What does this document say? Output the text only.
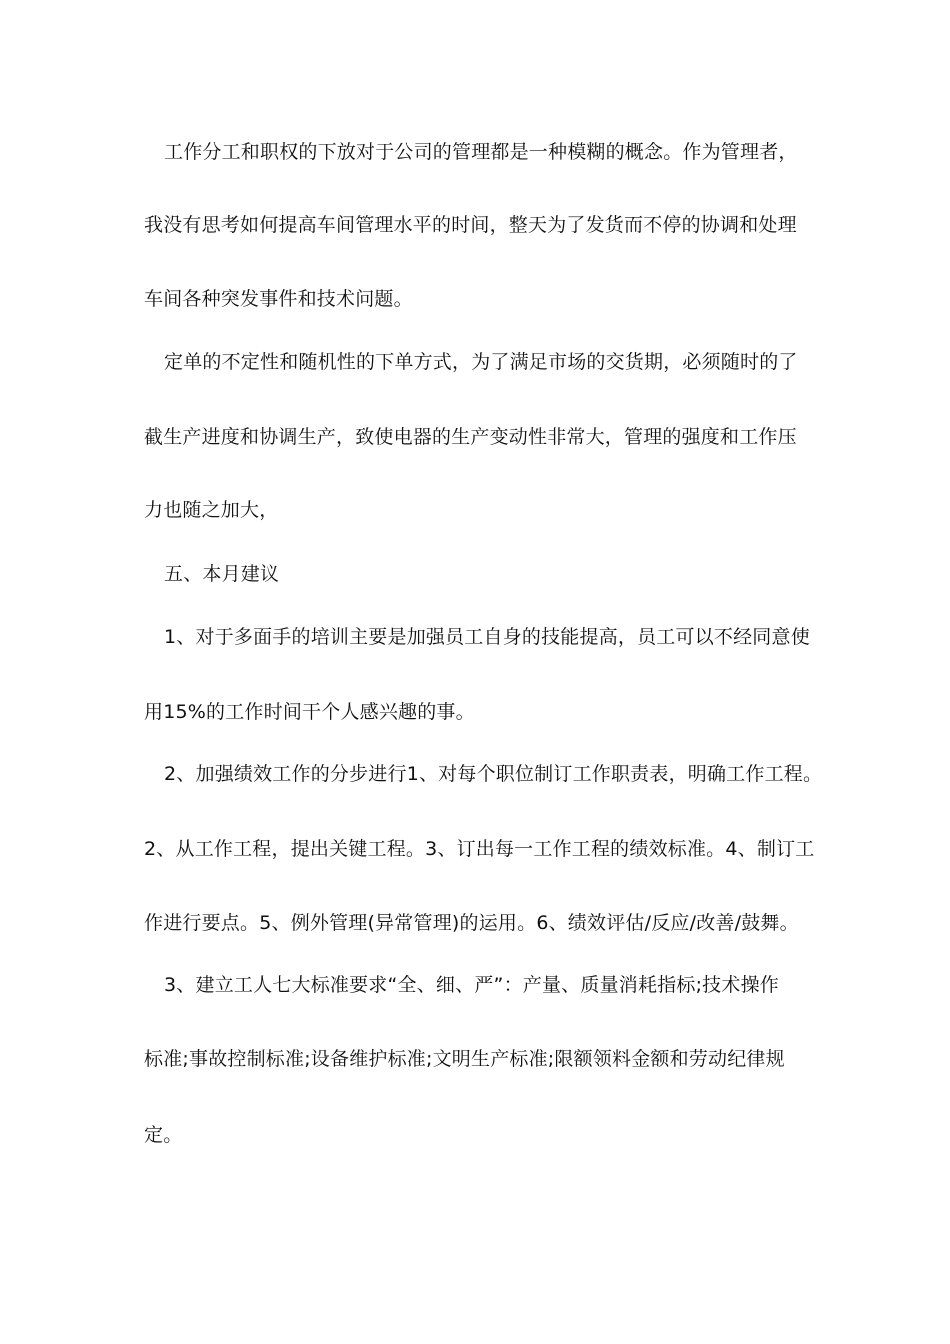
工作分工和职权的下放对于公司的管理都是一种模糊的概念。作为管理者，
我没有思考如何提高车间管理水平的时间，整天为了发货而不停的协调和处理
车间各种突发事件和技术问题。
定单的不定性和随机性的下单方式，为了满足市场的交货期，必须随时的了
截生产进度和协调生产，致使电器的生产变动性非常大，管理的强度和工作压
力也随之加大，
五、本月建议
1、对于多面手的培训主要是加强员工自身的技能提高，员工可以不经同意使
用15%的工作时间干个人感兴趣的事。
2、加强绩效工作的分步进行1、对每个职位制订工作职责表，明确工作工程。
2、从工作工程，提出关键工程。3、订出每一工作工程的绩效标准。4、制订工
作进行要点。5、例外管理(异常管理)的运用。6、绩效评估/反应/改善/鼓舞。
3、建立工人七大标准要求“全、细、严”：产量、质量消耗指标;技术操作
标准;事故控制标准;设备维护标准;文明生产标准;限额领料金额和劳动纪律规
定。
